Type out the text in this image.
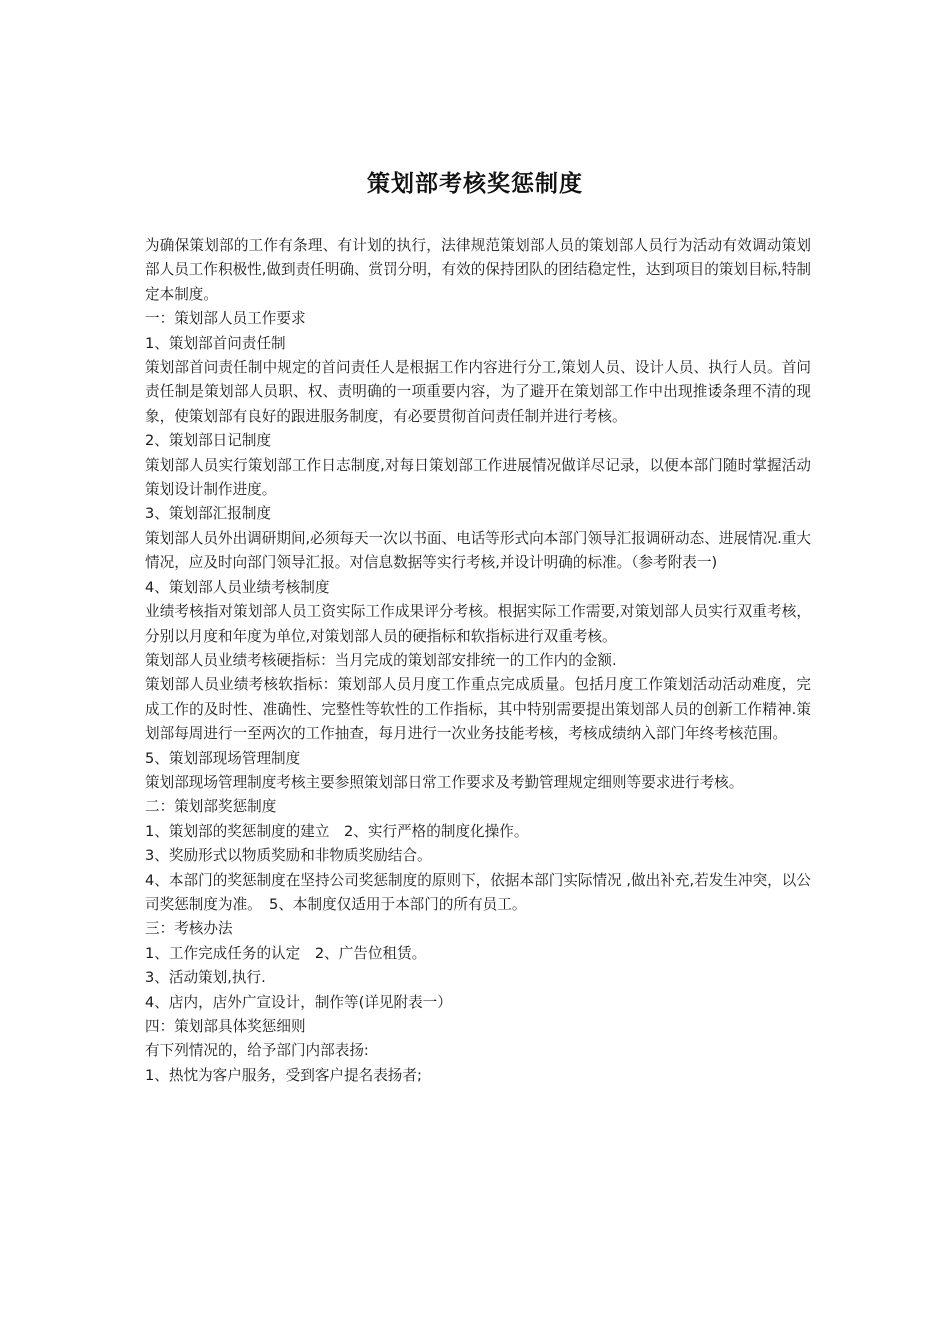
策划部考核奖惩制度

为确保策划部的工作有条理、有计划的执行，法律规范策划部人员的策划部人员行为活动有效调动策划部人员工作积极性,做到责任明确、赏罚分明，有效的保持团队的团结稳定性，达到项目的策划目标,特制定本制度。

一：策划部人员工作要求

1、策划部首问责任制

策划部首问责任制中规定的首问责任人是根据工作内容进行分工,策划人员、设计人员、执行人员。首问责任制是策划部人员职、权、责明确的一项重要内容，为了避开在策划部工作中出现推诿条理不清的现象，使策划部有良好的跟进服务制度，有必要贯彻首问责任制并进行考核。

2、策划部日记制度

策划部人员实行策划部工作日志制度,对每日策划部工作进展情况做详尽记录，以便本部门随时掌握活动策划设计制作进度。

3、策划部汇报制度

策划部人员外出调研期间,必须每天一次以书面、电话等形式向本部门领导汇报调研动态、进展情况.重大情况，应及时向部门领导汇报。对信息数据等实行考核,并设计明确的标准。（参考附表一)

4、策划部人员业绩考核制度

业绩考核指对策划部人员工资实际工作成果评分考核。根据实际工作需要,对策划部人员实行双重考核，分别以月度和年度为单位,对策划部人员的硬指标和软指标进行双重考核。

策划部人员业绩考核硬指标：当月完成的策划部安排统一的工作内的金额.

策划部人员业绩考核软指标：策划部人员月度工作重点完成质量。包括月度工作策划活动活动难度，完成工作的及时性、准确性、完整性等软性的工作指标，其中特别需要提出策划部人员的创新工作精神.策划部每周进行一至两次的工作抽查，每月进行一次业务技能考核，考核成绩纳入部门年终考核范围。

5、策划部现场管理制度

策划部现场管理制度考核主要参照策划部日常工作要求及考勤管理规定细则等要求进行考核。

二：策划部奖惩制度

1、策划部的奖惩制度的建立　2、实行严格的制度化操作。

3、奖励形式以物质奖励和非物质奖励结合。

4、本部门的奖惩制度在坚持公司奖惩制度的原则下，依据本部门实际情况 ,做出补充,若发生冲突，以公司奖惩制度为准。　5、本制度仅适用于本部门的所有员工。

三：考核办法

1、工作完成任务的认定　2、广告位租赁。

3、活动策划,执行.

4、店内，店外广宣设计，制作等(详见附表一）

四：策划部具体奖惩细则

有下列情况的，给予部门内部表扬:

1、热忱为客户服务，受到客户提名表扬者;
